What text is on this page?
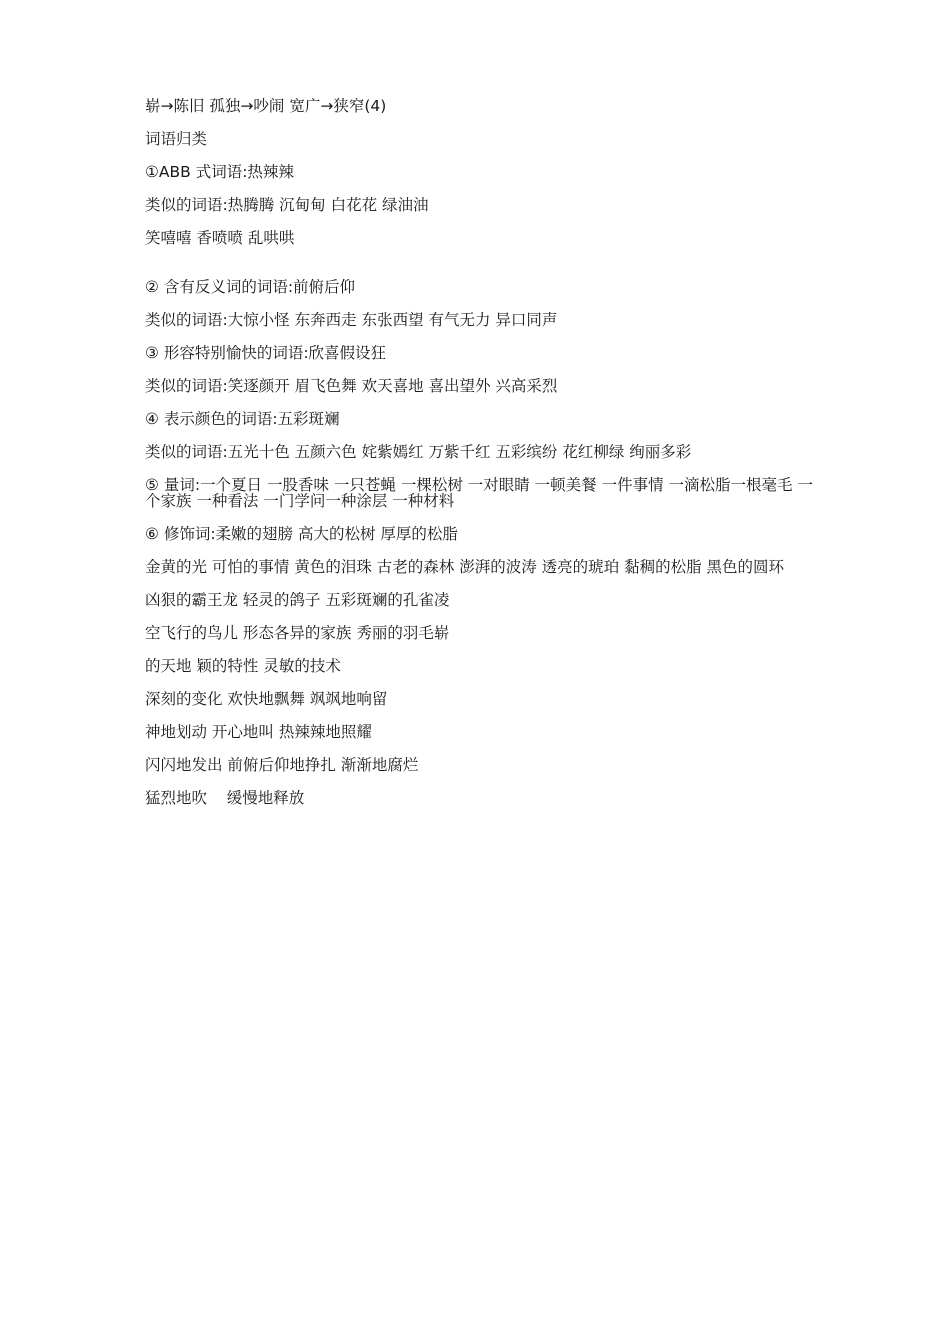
崭→陈旧 孤独→吵闹 宽广→狭窄(4)
词语归类
①ABB 式词语:热辣辣
类似的词语:热腾腾 沉甸甸 白花花 绿油油
笑嘻嘻 香喷喷 乱哄哄
② 含有反义词的词语:前俯后仰
类似的词语:大惊小怪 东奔西走 东张西望 有气无力 异口同声
③ 形容特别愉快的词语:欣喜假设狂
类似的词语:笑逐颜开 眉飞色舞 欢天喜地 喜出望外 兴高采烈
④ 表示颜色的词语:五彩斑斓
类似的词语:五光十色 五颜六色 姹紫嫣红 万紫千红 五彩缤纷 花红柳绿 绚丽多彩
⑤ 量词:一个夏日 一股香味 一只苍蝇 一棵松树 一对眼睛 一顿美餐 一件事情 一滴松脂一根毫毛 一个家族 一种看法 一门学问一种涂层 一种材料
⑥ 修饰词:柔嫩的翅膀 高大的松树 厚厚的松脂
金黄的光 可怕的事情 黄色的泪珠 古老的森林 澎湃的波涛 透亮的琥珀 黏稠的松脂 黑色的圆环
凶狠的霸王龙 轻灵的鸽子 五彩斑斓的孔雀凌
空飞行的鸟儿 形态各异的家族 秀丽的羽毛崭
的天地 颖的特性 灵敏的技术
深刻的变化 欢快地飘舞 飒飒地响留
神地划动 开心地叫 热辣辣地照耀
闪闪地发出 前俯后仰地挣扎 渐渐地腐烂
猛烈地吹    缓慢地释放
